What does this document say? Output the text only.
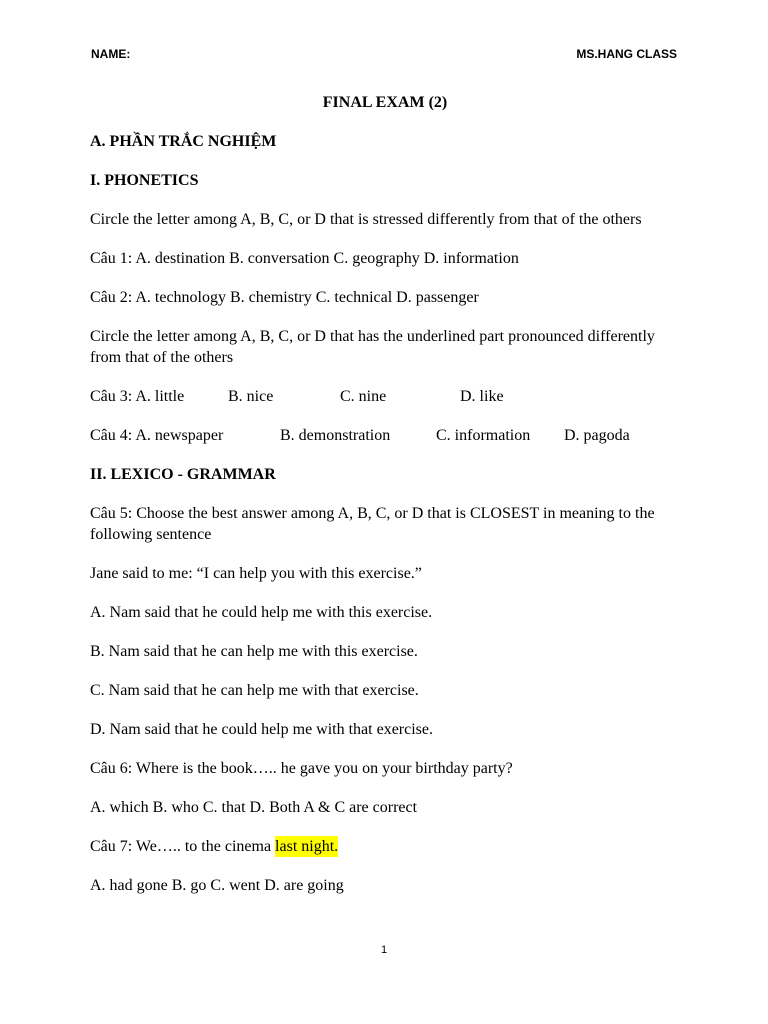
NAME:	MS.HANG CLASS
FINAL EXAM (2)
A. PHẦN TRẮC NGHIỆM
I. PHONETICS
Circle the letter among A, B, C, or D that is stressed differently from that of the others
Câu 1: A. destination B. conversation C. geography D. information
Câu 2: A. technology B. chemistry C. technical D. passenger
Circle the letter among A, B, C, or D that has the underlined part pronounced differently from that of the others
Câu 3: A. little	B. nice	C. nine	D. like
Câu 4: A. newspaper	B. demonstration	C. information D. pagoda
II. LEXICO - GRAMMAR
Câu 5: Choose the best answer among A, B, C, or D that is CLOSEST in meaning to the following sentence
Jane said to me: “I can help you with this exercise.”
A. Nam said that he could help me with this exercise.
B. Nam said that he can help me with this exercise.
C. Nam said that he can help me with that exercise.
D. Nam said that he could help me with that exercise.
Câu 6: Where is the book….. he gave you on your birthday party?
A. which B. who C. that D. Both A & C are correct
Câu 7: We….. to the cinema last night.
A. had gone B. go C. went D. are going
1
